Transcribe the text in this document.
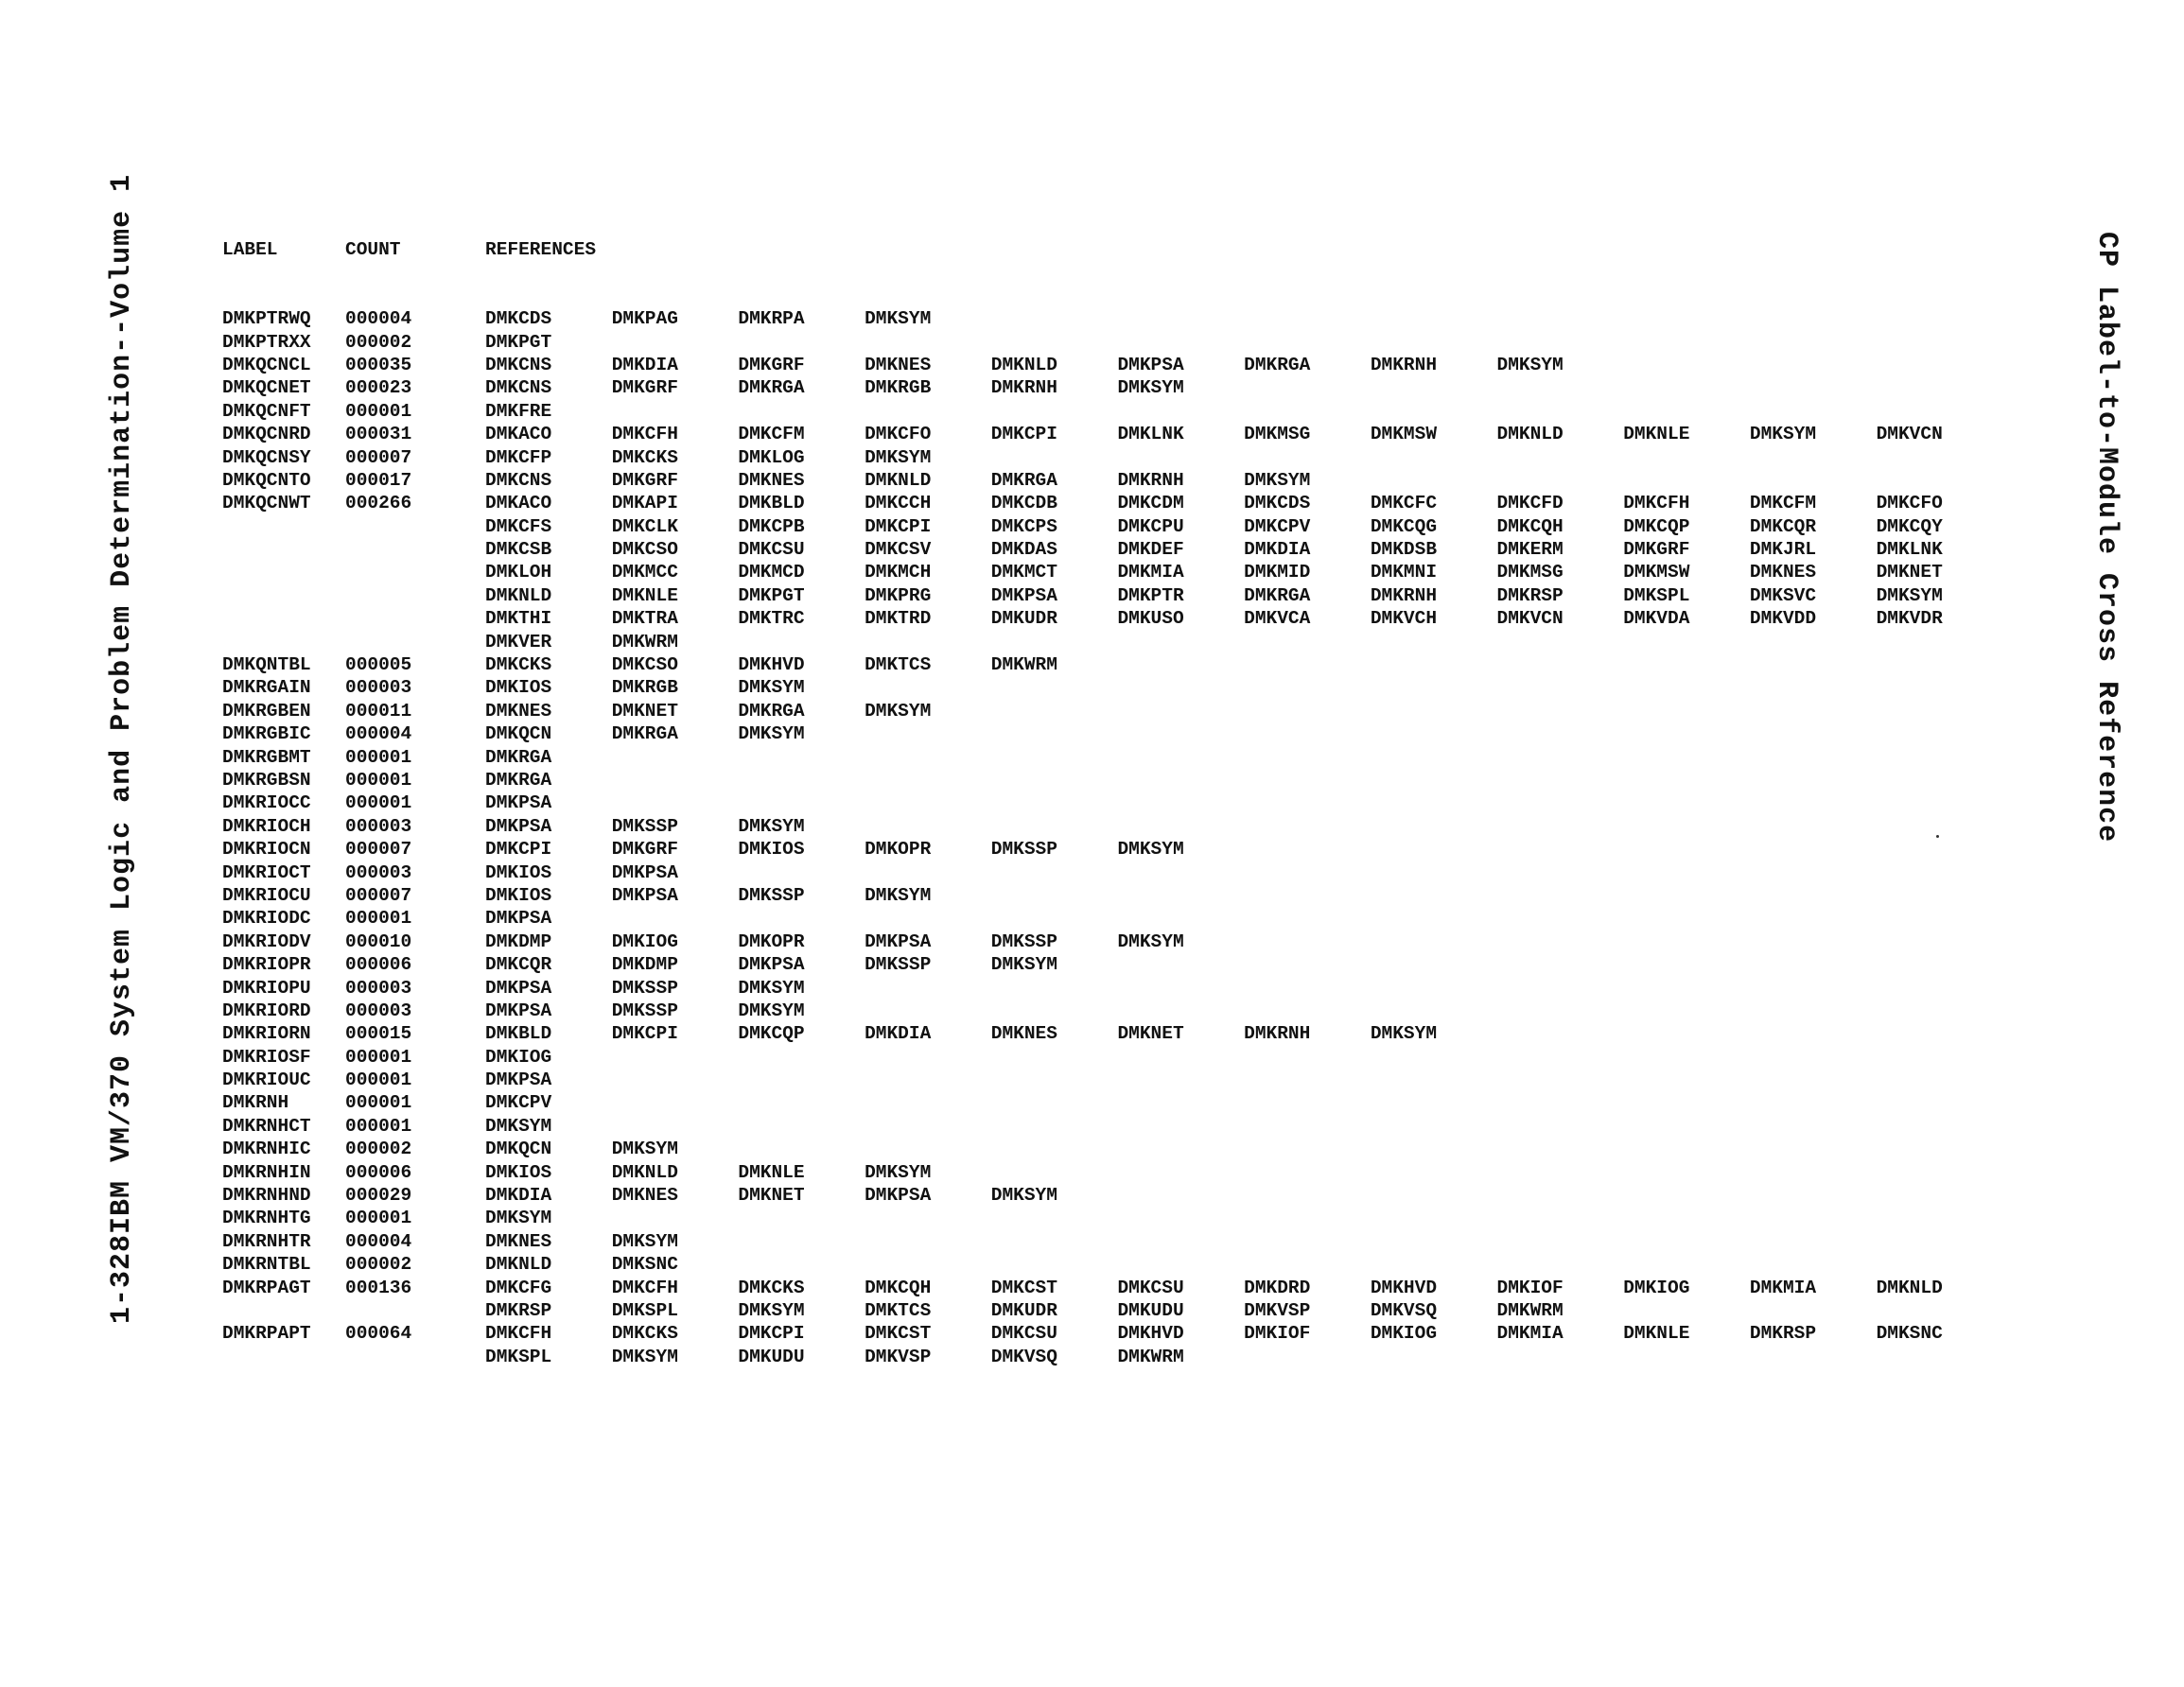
1-328
IBM VM/370 System Logic and Problem Determination--Volume 1	CP Label-to-Module Cross Reference
LABEL	COUNT	REFERENCES
DMKPTRWQ 000004	DMKCDS	DMKPAG	DMKRPA	DMKSYM
DMKPTRXX 000002	DMKPGT
DMKQCNCL 000035	DMKCNS	DMKDIA	DMKGRF	DMKNES	DMKNLD	DMKPSA	DMKRGA	DMKRNH	DMKSYM
DMKQCNET 000023	DMKCNS	DMKGRF	DMKRGA	DMKRGB	DMKRNH	DMKSYM
DMKQCNFT 000001	DMKFRE
DMKQCNRD 000031	DMKACO	DMKCFH	DMKCFM	DMKCFO	DMKCPI	DMKLNK	DMKMSG	DMKMSW	DMKNLD	DMKNLE	DMKSYM	DMKVCN
DMKQCNSY 000007	DMKCFP	DMKCKS	DMKLOG	DMKSYM
DMKQCNTO 000017	DMKCNS	DMKGRF	DMKNES	DMKNLD	DMKRGA	DMKRNH	DMKSYM
DMKQCNWT 000266	DMKACO	DMKAPI	DMKBLD	DMKCCH	DMKCDB	DMKCDM	DMKCDS	DMKCFC	DMKCFD	DMKCFH	DMKCFM	DMKCFO
DMKCFS	DMKCLK	DMKCPB	DMKCPI	DMKCPS	DMKCPU	DMKCPV	DMKCQG	DMKCQH	DMKCQP	DMKCQR	DMKCQY
DMKCSB	DMKCSO	DMKCSU	DMKCSV	DMKDAS	DMKDEF	DMKDIA	DMKDSB	DMKERM	DMKGRF	DMKJRL	DMKLNK
DMKLOH	DMKMCC	DMKMCD	DMKMCH	DMKMCT	DMKMIA	DMKMID	DMKMNI	DMKMSG	DMKMSW	DMKNES	DMKNET
DMKNLD	DMKNLE	DMKPGT	DMKPRG	DMKPSA	DMKPTR	DMKRGA	DMKRNH	DMKRSP	DMKSPL	DMKSVC	DMKSYM
DMKTHI	DMKTRA	DMKTRC	DMKTRD	DMKUDR	DMKUSO	DMKVCA	DMKVCH	DMKVCN	DMKVDA	DMKVDD	DMKVDR
DMKVER	DMKWRM
DMKQNTBL 000005	DMKCKS	DMKCSO	DMKHVD	DMKTCS	DMKWRM
DMKRGAIN 000003	DMKIOS	DMKRGB	DMKSYM
DMKRGBEN 000011	DMKNES	DMKNET	DMKRGA	DMKSYM
DMKRGBIC 000004	DMKQCN	DMKRGA	DMKSYM
DMKRGBMT 000001	DMKRGA
DMKRGBSN 000001	DMKRGA
DMKRIOCC 000001	DMKPSA
DMKRIOCH 000003	DMKPSA	DMKSSP	DMKSYM
DMKRIOCN 000007	DMKCPI	DMKGRF	DMKIOS	DMKOPR	DMKSSP	DMKSYM
DMKRIOCT 000003	DMKIOS	DMKPSA
DMKRIOCU 000007	DMKIOS	DMKPSA	DMKSSP	DMKSYM
DMKRIODC 000001	DMKPSA
DMKRIODV 000010	DMKDMP	DMKIOG	DMKOPR	DMKPSA	DMKSSP	DMKSYM
DMKRIOPR 000006	DMKCQR	DMKDMP	DMKPSA	DMKSSP	DMKSYM
DMKRIOPU 000003	DMKPSA	DMKSSP	DMKSYM
DMKRIORD 000003	DMKPSA	DMKSSP	DMKSYM
DMKRIORN 000015	DMKBLD	DMKCPI	DMKCQP	DMKDIA	DMKNES	DMKNET	DMKRNH	DMKSYM
DMKRIOSF 000001	DMKIOG
DMKRIOUC 000001	DMKPSA
DMKRNH 000001	DMKCPV
DMKRNHCT 000001	DMKSYM
DMKRNHIC 000002	DMKQCN	DMKSYM
DMKRNHIN 000006	DMKIOS	DMKNLD	DMKNLE	DMKSYM
DMKRNHND 000029	DMKDIA	DMKNES	DMKNET	DMKPSA	DMKSYM
DMKRNHTG 000001	DMKSYM
DMKRNHTR 000004	DMKNES	DMKSYM
DMKRNTBL 000002	DMKNLD	DMKSNC
DMKRPAGT 000136	DMKCFG	DMKCFH	DMKCKS	DMKCQH	DMKCST	DMKCSU	DMKDRD	DMKHVD	DMKIOF	DMKIOG	DMKMIA	DMKNLD
DMKRSP	DMKSPL	DMKSYM	DMKTCS	DMKUDR	DMKUDU	DMKVSP	DMKVSQ	DMKWRM
DMKRPAPT 000064	DMKCFH	DMKCKS	DMKCPI	DMKCST	DMKCSU	DMKHVD	DMKIOF	DMKIOG	DMKMIA	DMKNLE	DMKRSP	DMKSNC
DMKSPL	DMKSYM	DMKUDU	DMKVSP	DMKVSQ	DMKWRM
